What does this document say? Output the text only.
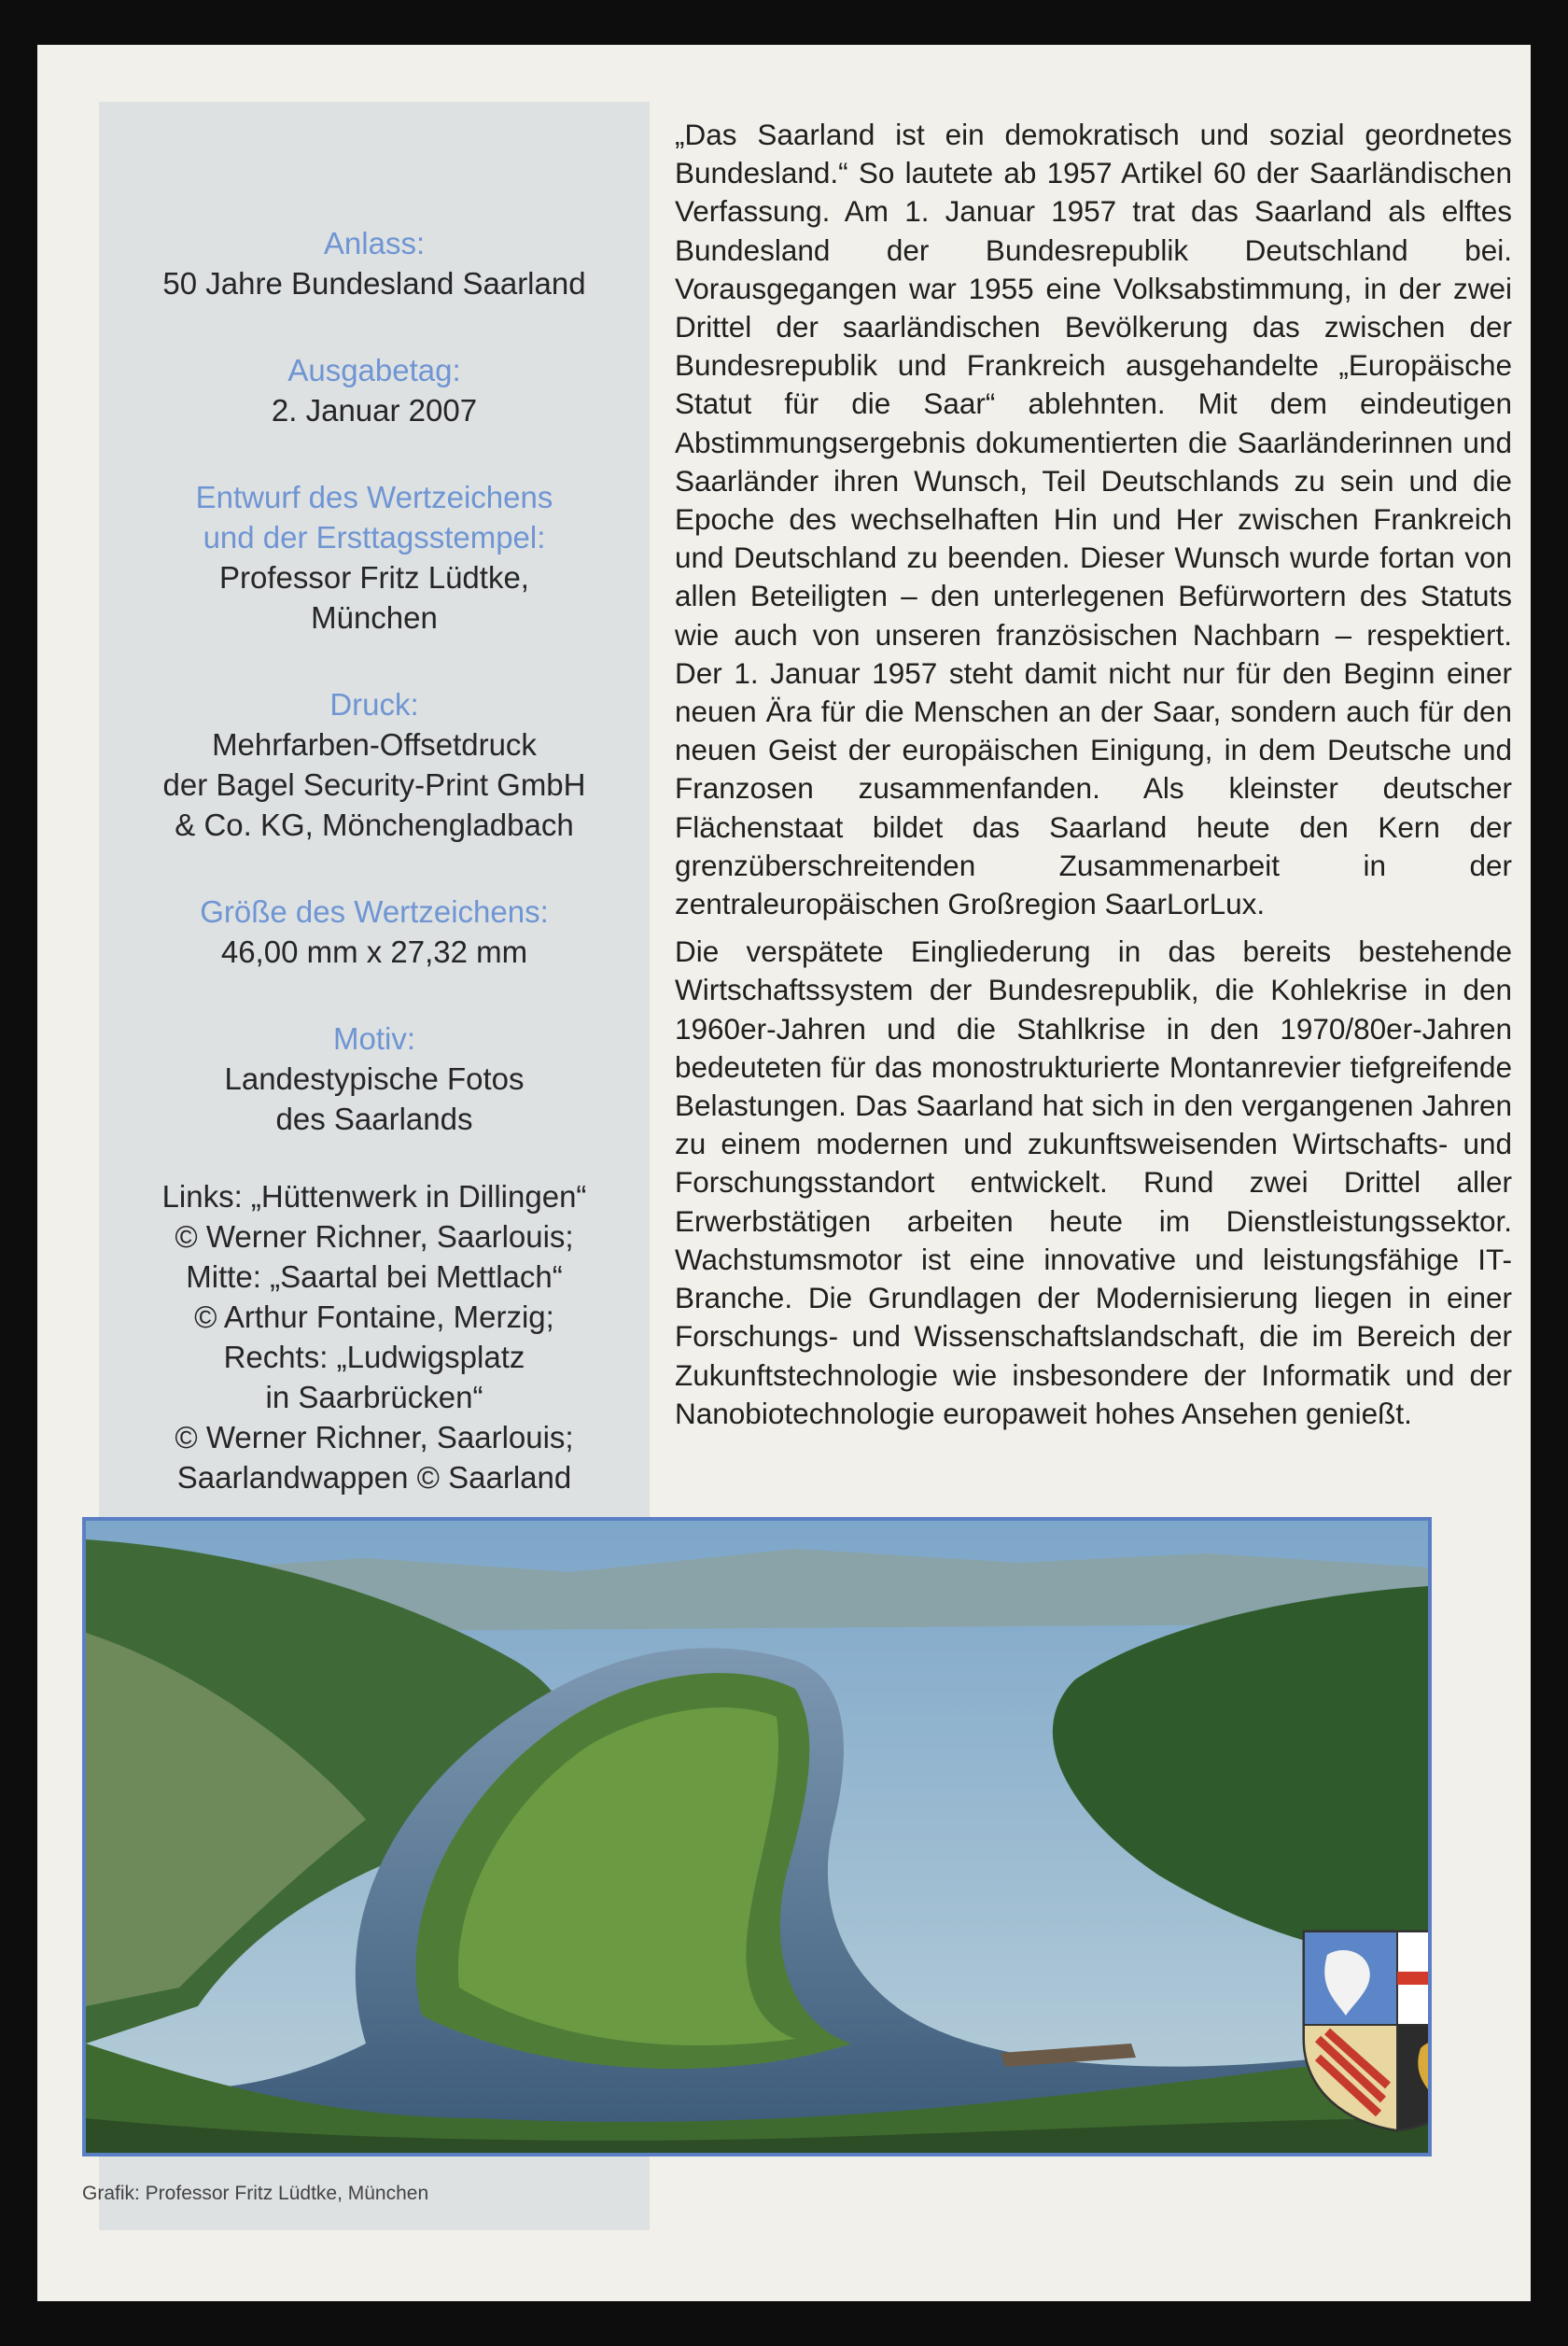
Anlass:
50 Jahre Bundesland Saarland
Ausgabetag:
2. Januar 2007
Entwurf des Wertzeichens
und der Ersttagsstempel:
Professor Fritz Lüdtke,
München
Druck:
Mehrfarben-Offsetdruck
der Bagel Security-Print GmbH
& Co. KG, Mönchengladbach
Größe des Wertzeichens:
46,00 mm x 27,32 mm
Motiv:
Landestypische Fotos
des Saarlands
Links: „Hüttenwerk in Dillingen“
© Werner Richner, Saarlouis;
Mitte: „Saartal bei Mettlach“
© Arthur Fontaine, Merzig;
Rechts: „Ludwigsplatz
in Saarbrücken“
© Werner Richner, Saarlouis;
Saarlandwappen © Saarland

„Das Saarland ist ein demokratisch und sozial geordnetes Bundesland.“ So lautete ab 1957 Artikel 60 der Saarländischen Verfassung. Am 1. Januar 1957 trat das Saarland als elftes Bundesland der Bundesrepublik Deutschland bei. Vorausgegangen war 1955 eine Volksabstimmung, in der zwei Drittel der saarländischen Bevölkerung das zwischen der Bundesrepublik und Frankreich ausgehandelte „Europäische Statut für die Saar“ ablehnten. Mit dem eindeutigen Abstimmungsergebnis dokumentierten die Saarländerinnen und Saarländer ihren Wunsch, Teil Deutschlands zu sein und die Epoche des wechselhaften Hin und Her zwischen Frankreich und Deutschland zu beenden. Dieser Wunsch wurde fortan von allen Beteiligten – den unterlegenen Befürwortern des Statuts wie auch von unseren französischen Nachbarn – respektiert. Der 1. Januar 1957 steht damit nicht nur für den Beginn einer neuen Ära für die Menschen an der Saar, sondern auch für den neuen Geist der europäischen Einigung, in dem Deutsche und Franzosen zusammenfanden. Als kleinster deutscher Flächenstaat bildet das Saarland heute den Kern der grenzüberschreitenden Zusammenarbeit in der zentraleuropäischen Großregion SaarLorLux.

Die verspätete Eingliederung in das bereits bestehende Wirtschaftssystem der Bundesrepublik, die Kohlekrise in den 1960er-Jahren und die Stahlkrise in den 1970/80er-Jahren bedeuteten für das monostrukturierte Montanrevier tiefgreifende Belastungen. Das Saarland hat sich in den vergangenen Jahren zu einem modernen und zukunftsweisenden Wirtschafts- und Forschungsstandort entwickelt. Rund zwei Drittel aller Erwerbstätigen arbeiten heute im Dienstleistungssektor. Wachstumsmotor ist eine innovative und leistungsfähige IT-Branche. Die Grundlagen der Modernisierung liegen in einer Forschungs- und Wissenschaftslandschaft, die im Bereich der Zukunftstechnologie wie insbesondere der Informatik und der Nanobiotechnologie europaweit hohes Ansehen genießt.

Grafik: Professor Fritz Lüdtke, München
